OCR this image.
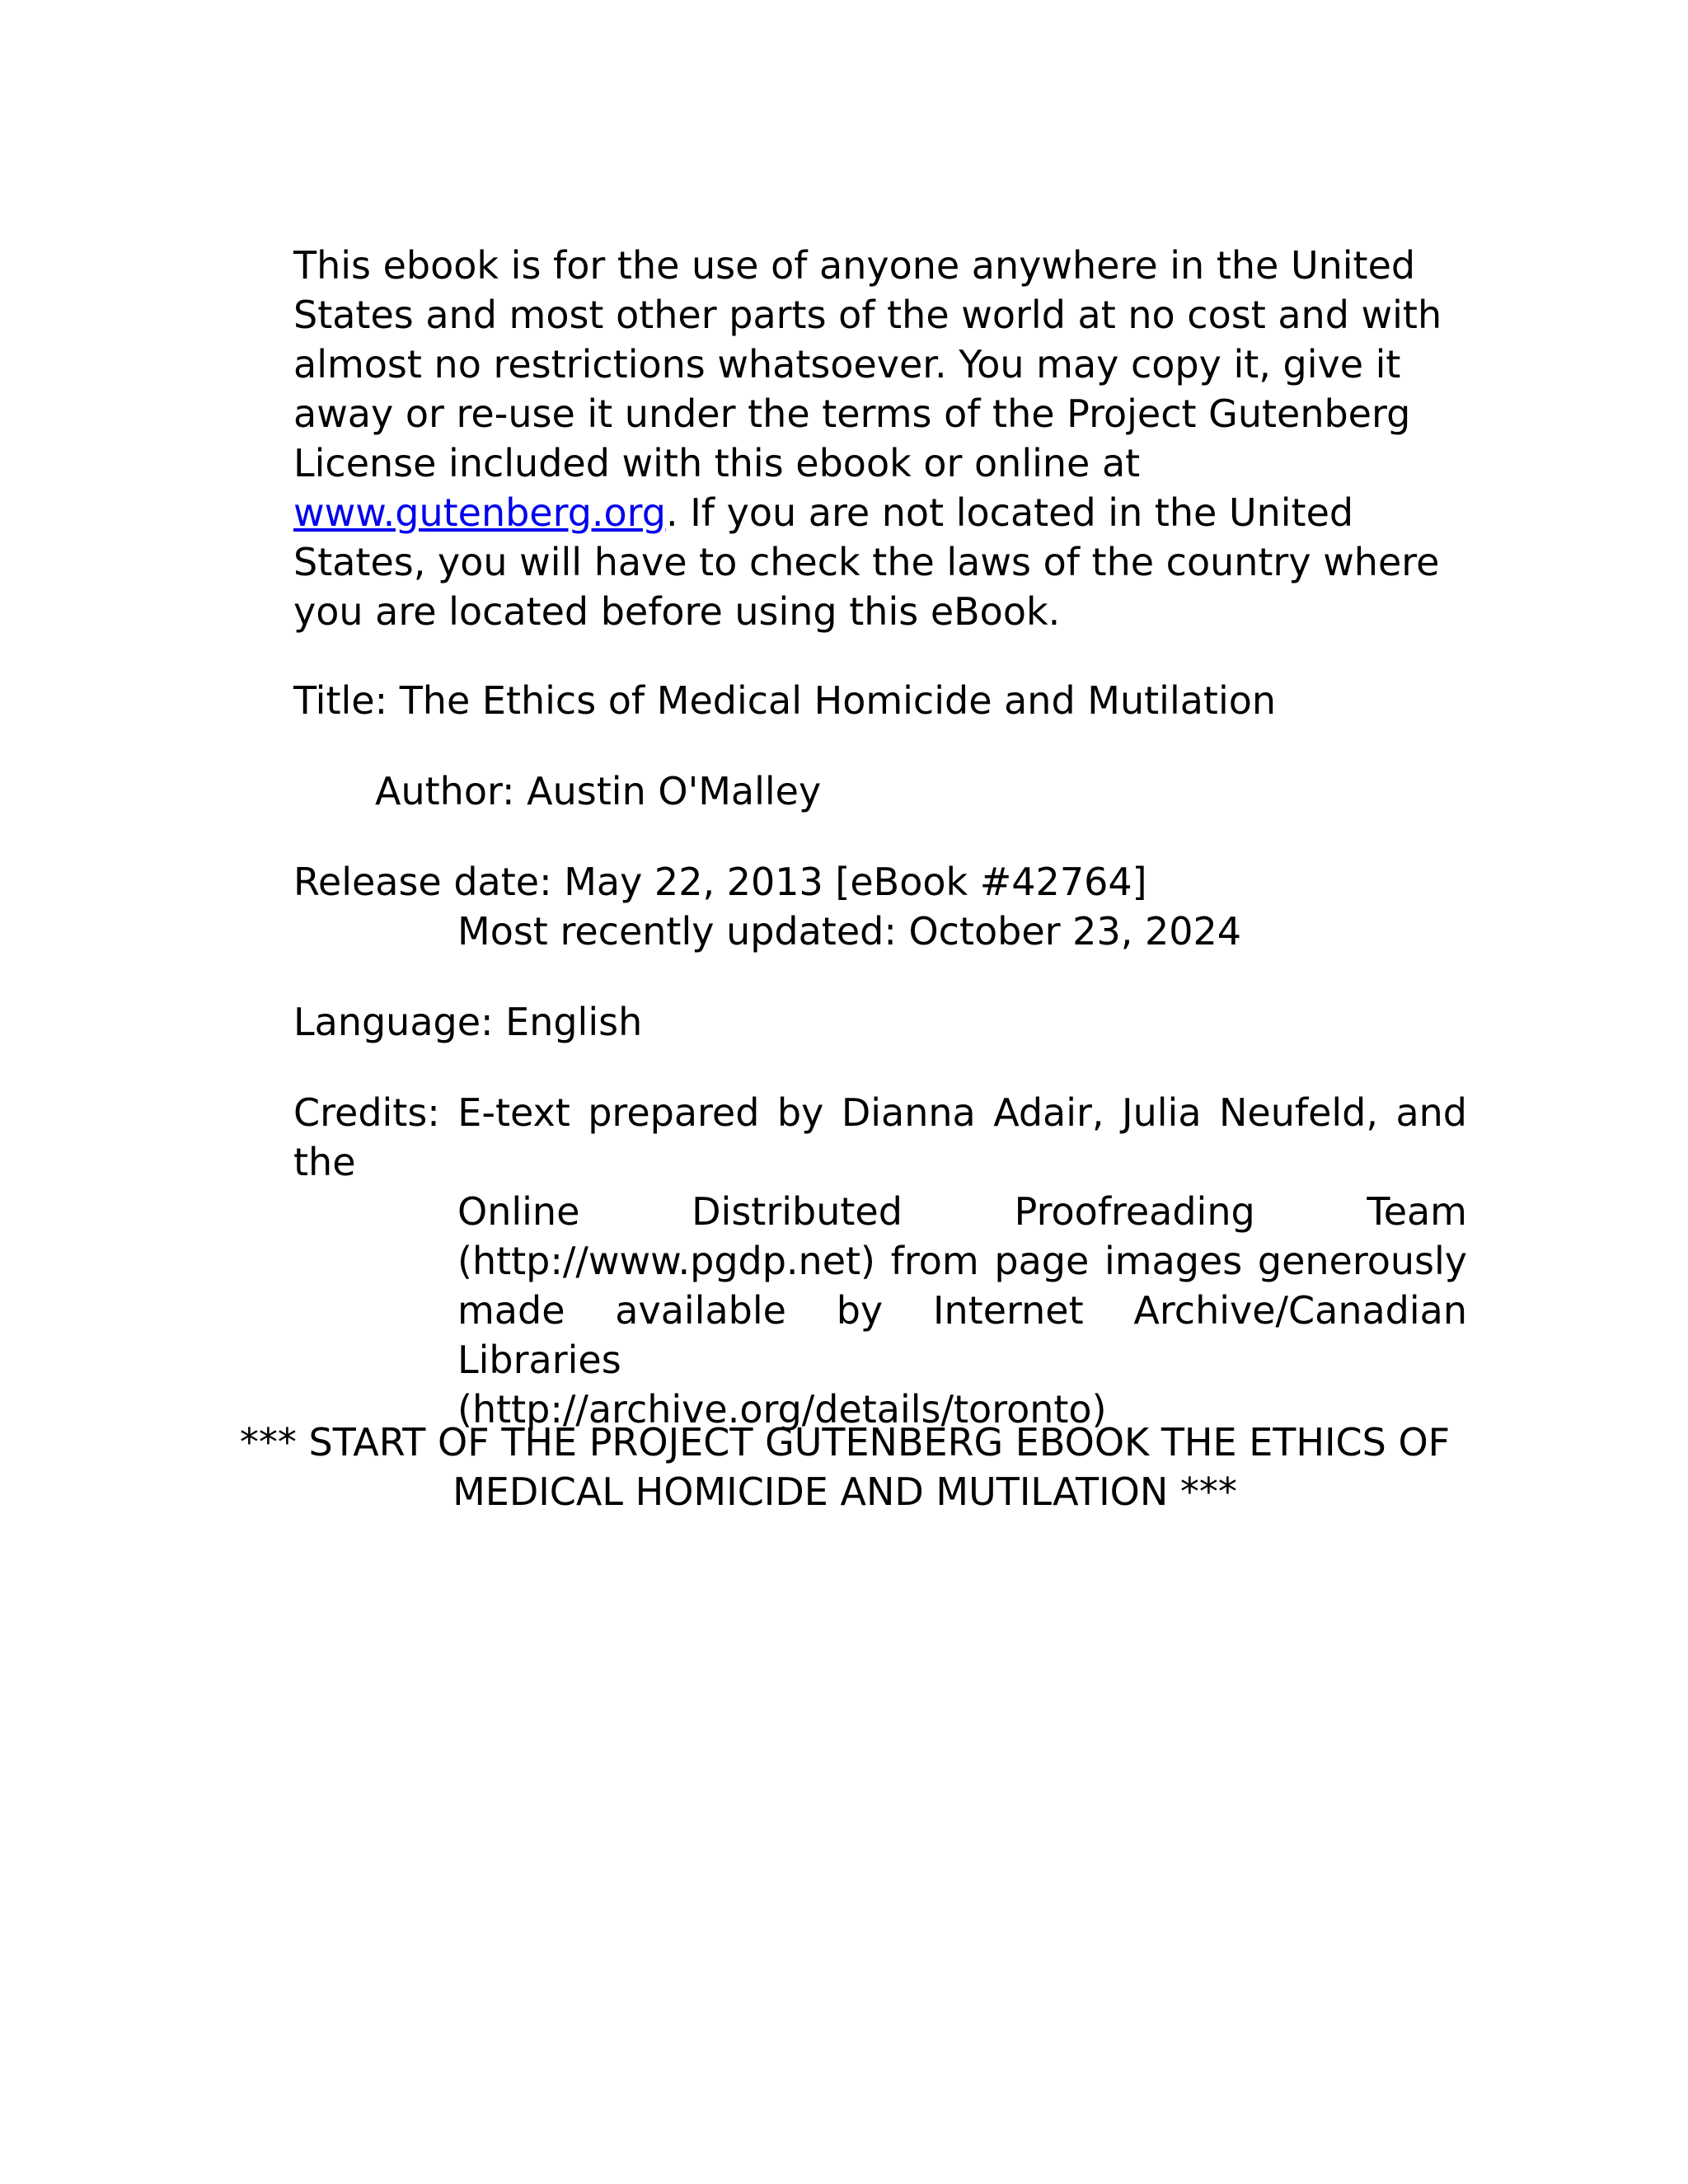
This ebook is for the use of anyone anywhere in the United States and most other parts of the world at no cost and with almost no restrictions whatsoever. You may copy it, give it away or re-use it under the terms of the Project Gutenberg License included with this ebook or online at www.gutenberg.org. If you are not located in the United States, you will have to check the laws of the country where you are located before using this eBook.

Title: The Ethics of Medical Homicide and Mutilation

Author: Austin O'Malley

Release date: May 22, 2013 [eBook #42764]

Most recently updated: October 23, 2024

Language: English

Credits: E-text prepared by Dianna Adair, Julia Neufeld, and the
Online Distributed Proofreading Team
(http://www.pgdp.net) from page images generously
made available by Internet Archive/Canadian Libraries
(http://archive.org/details/toronto)
*** START OF THE PROJECT GUTENBERG EBOOK THE ETHICS OF
MEDICAL HOMICIDE AND MUTILATION ***
